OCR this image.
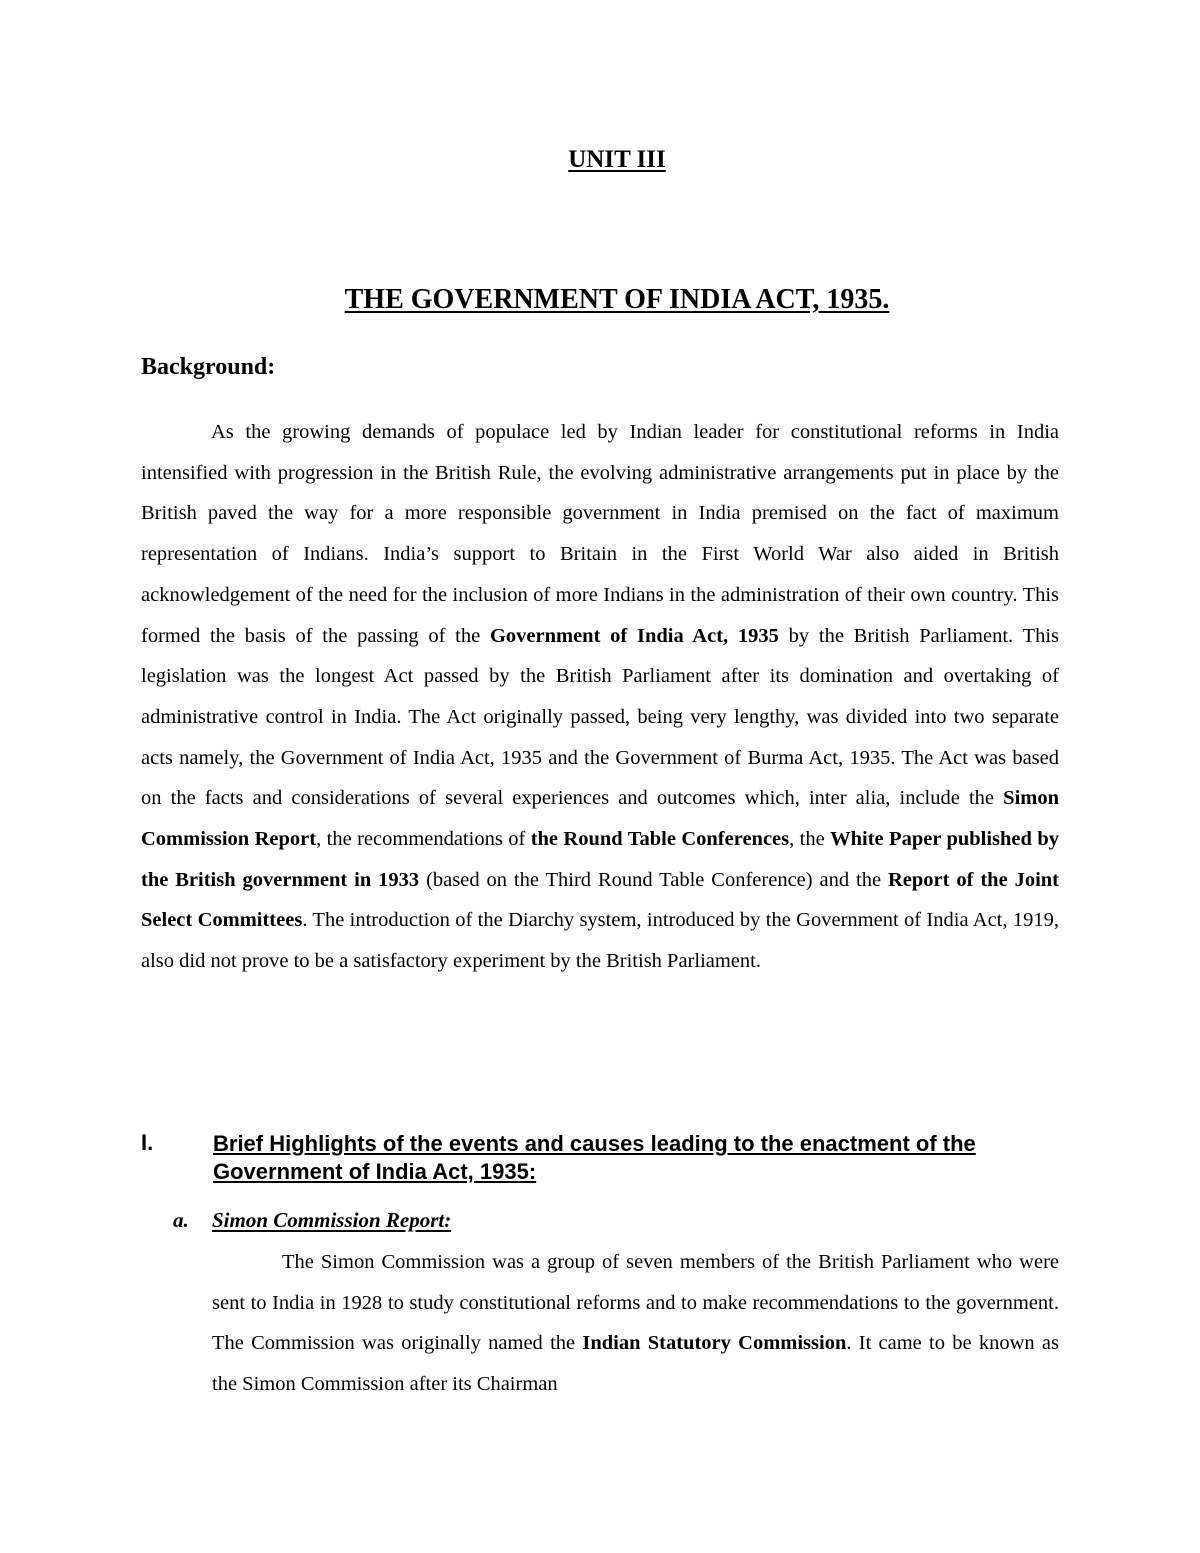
UNIT III
THE GOVERNMENT OF INDIA ACT, 1935.
Background:

As the growing demands of populace led by Indian leader for constitutional reforms in India intensified with progression in the British Rule, the evolving administrative arrangements put in place by the British paved the way for a more responsible government in India premised on the fact of maximum representation of Indians. India’s support to Britain in the First World War also aided in British acknowledgement of the need for the inclusion of more Indians in the administration of their own country. This formed the basis of the passing of the Government of India Act, 1935 by the British Parliament. This legislation was the longest Act passed by the British Parliament after its domination and overtaking of administrative control in India. The Act originally passed, being very lengthy, was divided into two separate acts namely, the Government of India Act, 1935 and the Government of Burma Act, 1935. The Act was based on the facts and considerations of several experiences and outcomes which, inter alia, include the Simon Commission Report, the recommendations of the Round Table Conferences, the White Paper published by the British government in 1933 (based on the Third Round Table Conference) and the Report of the Joint Select Committees. The introduction of the Diarchy system, introduced by the Government of India Act, 1919, also did not prove to be a satisfactory experiment by the British Parliament.

I.	Brief Highlights of the events and causes leading to the enactment of the Government of India Act, 1935:
a. Simon Commission Report:

The Simon Commission was a group of seven members of the British Parliament who were sent to India in 1928 to study constitutional reforms and to make recommendations to the government. The Commission was originally named the Indian Statutory Commission. It came to be known as the Simon Commission after its Chairman
